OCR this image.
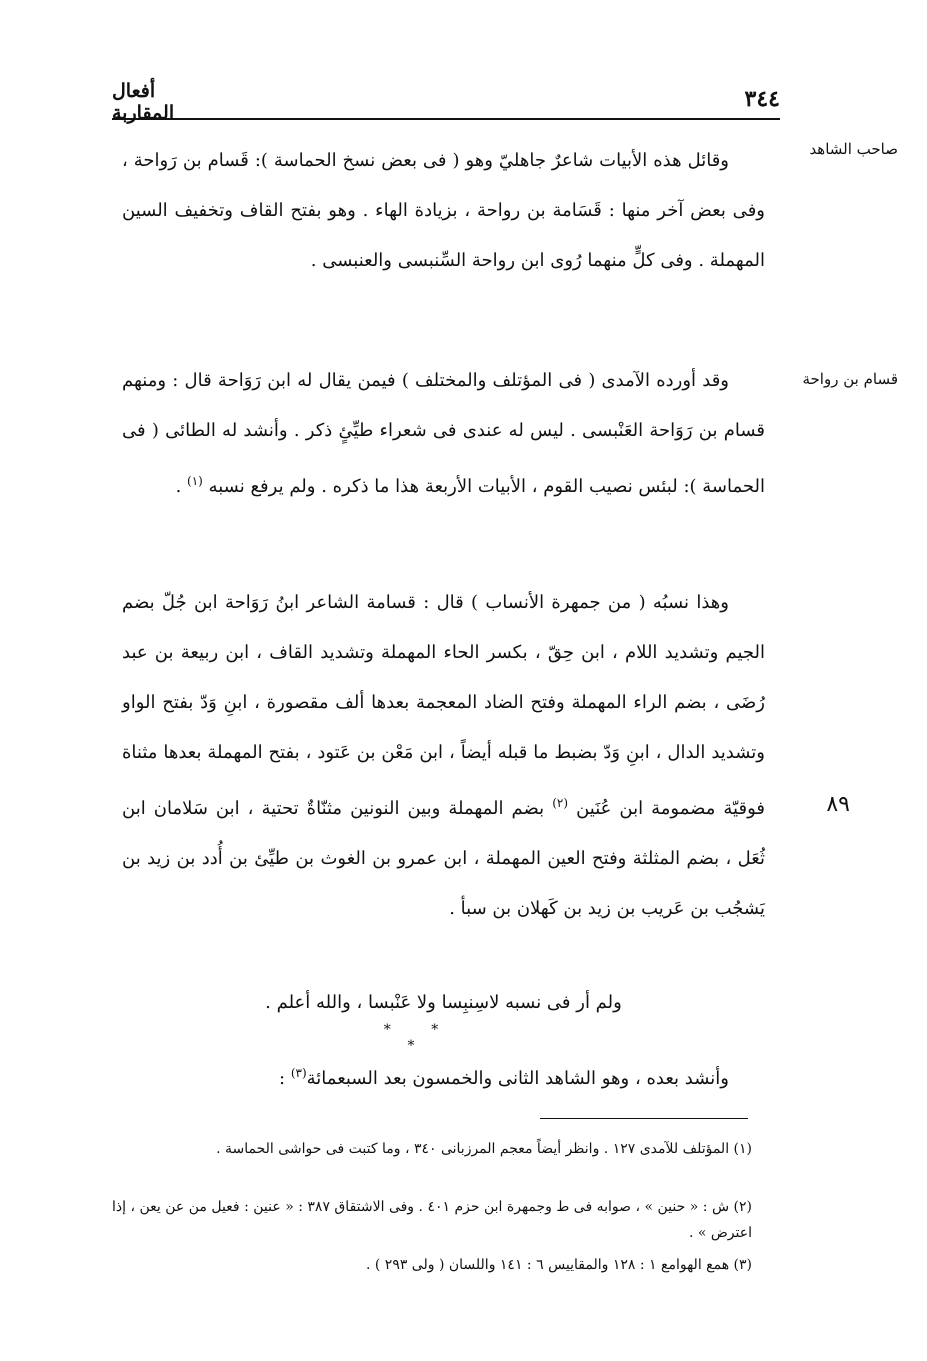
أفعال المقاربة
٣٤٤
صاحب الشاهد
قسام بن رواحة
٨٩
وقائل هذه الأبيات شاعرٌ جاهليّ وهو ( فى بعض نسخ الحماسة ): قَسام بن رَواحة ، وفى بعض آخر منها : قَسَامة بن رواحة ، بزيادة الهاء . وهو بفتح القاف وتخفيف السين المهملة . وفى كلٍّ منهما رُوى ابن رواحة السِّنبسى والعنبسى .
وقد أورده الآمدى ( فى المؤتلف والمختلف ) فيمن يقال له ابن رَوَاحة قال : ومنهم قسام بن رَوَاحة العَنْبسى . ليس له عندى فى شعراء طيِّئٍ ذكر . وأنشد له الطائى ( فى الحماسة ): لبئس نصيب القوم ، الأبيات الأربعة هذا ما ذكره . ولم يرفع نسبه $^{(١)}$ .
وهذا نسبُه ( من جمهرة الأنساب ) قال : قسامة الشاعر ابنُ رَوَاحة ابن جُلّ بضم الجيم وتشديد اللام ، ابن حِقّ ، بكسر الحاء المهملة وتشديد القاف ، ابن ربيعة بن عبد رُضَى ، بضم الراء المهملة وفتح الضاد المعجمة بعدها ألف مقصورة ، ابنِ وَدّ بفتح الواو وتشديد الدال ، ابنِ وَدّ بضبط ما قبله أيضاً ، ابن مَعْن بن عَتود ، بفتح المهملة بعدها مثناة فوقيّة مضمومة ابن عُنَين $^{(٢)}$ بضم المهملة وبين النونين مثنّاةٌ تحتية ، ابن سَلامان ابن ثُعَل ، بضم المثلثة وفتح العين المهملة ، ابن عمرو بن الغوث بن طيِّئ بن أُدد بن زيد بن يَشجُب بن عَريب بن زيد بن كَهلان بن سبأ .
ولم أر فى نسبه لاسِنبِسا ولا عَنْبسا ، والله أعلم .
* * *
وأنشد بعده ، وهو الشاهد الثانى والخمسون بعد السبعمائة$^{(٣)}$ :
(١) المؤتلف للآمدى ١٢٧ . وانظر أيضاً معجم المرزبانى ٣٤٠ ، وما كتبت فى حواشى الحماسة .
(٢) ش : « حنين » ، صوابه فى ط وجمهرة ابن حزم ٤٠١ . وفى الاشتقاق ٣٨٧ : « عنين : فعيل من عن يعن ، إذا اعترض » .
(٣) همع الهوامع ١ : ١٢٨ والمقاييس ٦ : ١٤١ واللسان ( ولى ٢٩٣ ) .
